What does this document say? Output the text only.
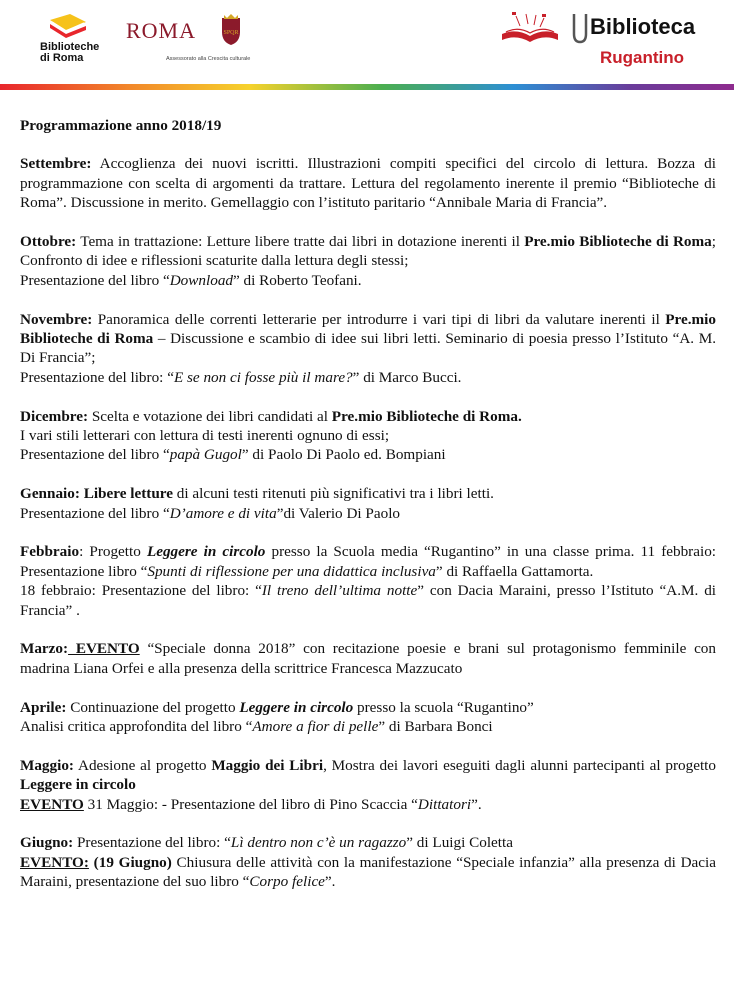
Biblioteche
di Roma
ROMA	SPQR
Assessorato alla Crescita culturale
Biblioteca
Rugantino
Programmazione anno 2018/19

Settembre: Accoglienza dei nuovi iscritti. Illustrazioni compiti specifici del circolo di lettura. Bozza di programmazione con scelta di argomenti da trattare. Lettura del regolamento inerente il premio “Biblioteche di Roma”. Discussione in merito. Gemellaggio con l’istituto paritario “Annibale Maria di Francia”.

Ottobre: Tema in trattazione: Letture libere tratte dai libri in dotazione inerenti il Pre.mio Biblioteche di Roma; Confronto di idee e riflessioni scaturite dalla lettura degli stessi;
Presentazione del libro “Download” di Roberto Teofani.

Novembre: Panoramica delle correnti letterarie per introdurre i vari tipi di libri da valutare inerenti il Pre.mio Biblioteche di Roma – Discussione e scambio di idee sui libri letti. Seminario di poesia presso l’Istituto “A. M. Di Francia”;
Presentazione del libro: “E se non ci fosse più il mare?” di Marco Bucci.

Dicembre: Scelta e votazione dei libri candidati al Pre.mio Biblioteche di Roma.
I vari stili letterari con lettura di testi inerenti ognuno di essi;
Presentazione del libro “papà Gugol” di Paolo Di Paolo ed. Bompiani

Gennaio: Libere letture di alcuni testi ritenuti più significativi tra i libri letti.
Presentazione del libro “D’amore e di vita”di Valerio Di Paolo

Febbraio: Progetto Leggere in circolo presso la Scuola media “Rugantino” in una classe prima. 11 febbraio: Presentazione libro “Spunti di riflessione per una didattica inclusiva” di Raffaella Gattamorta.
18 febbraio: Presentazione del libro: “Il treno dell’ultima notte” con Dacia Maraini, presso l’Istituto “A.M. di Francia” .

Marzo: EVENTO “Speciale donna 2018” con recitazione poesie e brani sul protagonismo femminile con madrina Liana Orfei e alla presenza della scrittrice Francesca Mazzucato

Aprile: Continuazione del progetto Leggere in circolo presso la scuola “Rugantino”
Analisi critica approfondita del libro “Amore a fior di pelle” di Barbara Bonci

Maggio: Adesione al progetto Maggio dei Libri, Mostra dei lavori eseguiti dagli alunni partecipanti al progetto Leggere in circolo
EVENTO 31 Maggio: - Presentazione del libro di Pino Scaccia “Dittatori”.

Giugno: Presentazione del libro: “Lì dentro non c’è un ragazzo” di Luigi Coletta
EVENTO: (19 Giugno) Chiusura delle attività con la manifestazione “Speciale infanzia” alla presenza di Dacia Maraini, presentazione del suo libro “Corpo felice”.
